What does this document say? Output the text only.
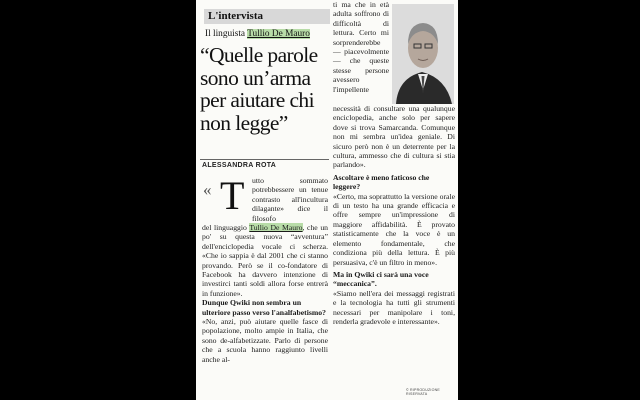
L'intervista
Il linguista Tullio De Mauro
“Quelle parole sono un’arma per aiutare chi non legge”
ALESSANDRA ROTA
« T utto sommato potrebbessere un tenue contrasto all'incultura dilagante» dice il filosofo

del linguaggio Tullio De Mauro, che un po' su questa nuova “avventura” dell'enciclopedia vocale ci scherza. «Che io sappia è dal 2001 che ci stanno provando. Però se il co-fondatore di Facebook ha davvero intenzione di investirci tanti soldi allora forse entrerà in funzione».

Dunque Qwiki non sembra un ulteriore passo verso l'analfabetismo?

«No, anzi, può aiutare quelle fasce di popolazione, molto ampie in Italia, che sono de-alfabetizzate. Parlo di persone che a scuola hanno raggiunto livelli anche al-

ti ma che in età adulta soffrono di difficoltà di lettura. Certo mi sorprenderebbe — piacevolmente — che queste stesse persone avessero l'impellente

necessità di consultare una qualunque enciclopedia, anche solo per sapere dove si trova Samarcanda. Comunque non mi sembra un'idea geniale. Di sicuro però non è un deterrente per la cultura, ammesso che di cultura si stia parlando».

Ascoltare è meno faticoso che leggere?

«Certo, ma soprattutto la versione orale di un testo ha una grande efficacia e offre sempre un'impressione di maggiore affidabilità. È provato statisticamente che la voce è un elemento fondamentale, che condiziona più della lettura. È più persuasiva, c'è un filtro in meno».

Ma in Qwiki ci sarà una voce “meccanica”.

«Siamo nell'era dei messaggi registrati e la tecnologia ha tutti gli strumenti necessari per manipolare i toni, renderla gradevole e interessante».

© RIPRODUZIONE RISERVATA
